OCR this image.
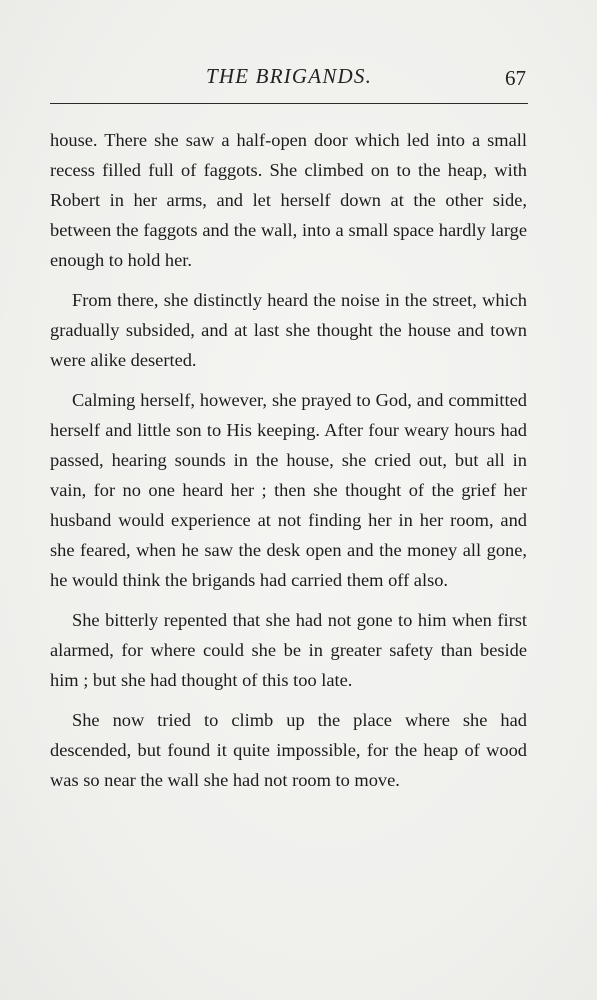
THE BRIGANDS.	67

house. There she saw a half-open door which led into a small recess filled full of faggots. She climbed on to the heap, with Robert in her arms, and let herself down at the other side, between the faggots and the wall, into a small space hardly large enough to hold her.

From there, she distinctly heard the noise in the street, which gradually subsided, and at last she thought the house and town were alike deserted.

Calming herself, however, she prayed to God, and committed herself and little son to His keeping. After four weary hours had passed, hearing sounds in the house, she cried out, but all in vain, for no one heard her ; then she thought of the grief her husband would experience at not finding her in her room, and she feared, when he saw the desk open and the money all gone, he would think the brigands had carried them off also.

She bitterly repented that she had not gone to him when first alarmed, for where could she be in greater safety than beside him ; but she had thought of this too late.

She now tried to climb up the place where she had descended, but found it quite impossible, for the heap of wood was so near the wall she had not room to move.
